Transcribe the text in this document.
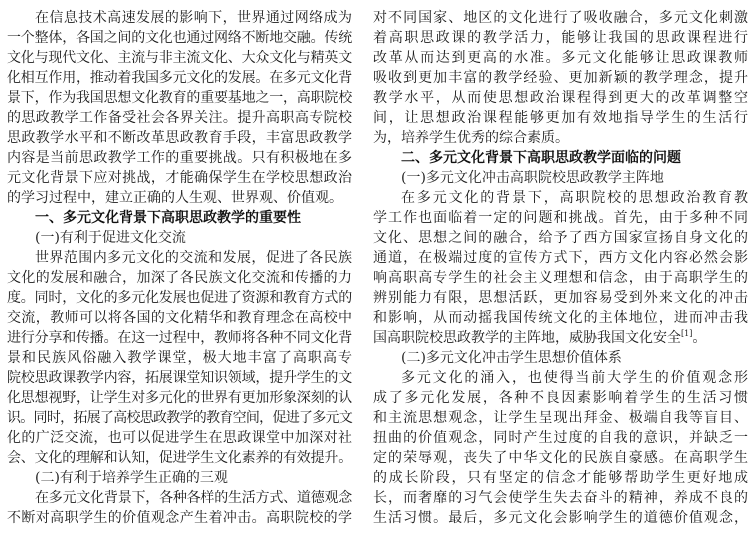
在信息技术高速发展的影响下，世界通过网络成为
一个整体，各国之间的文化也通过网络不断地交融。传统
文化与现代文化、主流与非主流文化、大众文化与精英文
化相互作用，推动着我国多元文化的发展。在多元文化背
景下，作为我国思想文化教育的重要基地之一，高职院校
的思政教学工作备受社会各界关注。提升高职高专院校
思政教学水平和不断改革思政教育手段，丰富思政教学
内容是当前思政教学工作的重要挑战。只有积极地在多
元文化背景下应对挑战，才能确保学生在学校思想政治
的学习过程中，建立正确的人生观、世界观、价值观。
一、多元文化背景下高职思政教学的重要性
(一)有利于促进文化交流
世界范围内多元文化的交流和发展，促进了各民族
文化的发展和融合，加深了各民族文化交流和传播的力
度。同时，文化的多元化发展也促进了资源和教育方式的
交流，教师可以将各国的文化精华和教育理念在高校中
进行分享和传播。在这一过程中，教师将各种不同文化背
景和民族风俗融入教学课堂，极大地丰富了高职高专
院校思政课教学内容，拓展课堂知识领域，提升学生的文
化思想视野，让学生对多元化的世界有更加形象深刻的认
识。同时，拓展了高校思政教学的教育空间，促进了多元文
化的广泛交流，也可以促进学生在思政课堂中加深对社
会、文化的理解和认知，促进学生文化素养的有效提升。
(二)有利于培养学生正确的三观
在多元文化背景下，各种各样的生活方式、道德观念
不断对高职学生的价值观念产生着冲击。高职院校的学
对不同国家、地区的文化进行了吸收融合，多元文化刺激
着高职思政课的教学活力，能够让我国的思政课程进行
改革从而达到更高的水准。多元文化能够让思政课教师
吸收到更加丰富的教学经验、更加新颖的教学理念，提升
教学水平，从而使思想政治课程得到更大的改革调整空
间，让思想政治课程能够更加有效地指导学生的生活行
为，培养学生优秀的综合素质。
二、多元文化背景下高职思政教学面临的问题
(一)多元文化冲击高职院校思政教学主阵地
在多元文化的背景下，高职院校的思想政治教育教
学工作也面临着一定的问题和挑战。首先，由于多种不同
文化、思想之间的融合，给予了西方国家宣扬自身文化的
通道，在极端过度的宣传方式下，西方文化内容必然会影
响高职高专学生的社会主义理想和信念，由于高职学生的
辨别能力有限，思想活跃，更加容易受到外来文化的冲击
和影响，从而动摇我国传统文化的主体地位，进而冲击我
国高职院校思政教学的主阵地，威胁我国文化安全[1]。
(二)多元文化冲击学生思想价值体系
多元文化的涌入，也使得当前大学生的价值观念形
成了多元化发展，各种不良因素影响着学生的生活习惯
和主流思想观念，让学生呈现出拜金、极端自我等盲目、
扭曲的价值观念，同时产生过度的自我的意识，并缺乏一
定的荣辱观，丧失了中华文化的民族自豪感。在高职学生
的成长阶段，只有坚定的信念才能够帮助学生更好地成
长，而奢靡的习气会使学生失去奋斗的精神，养成不良的
生活习惯。最后，多元文化会影响学生的道德价值观念，
